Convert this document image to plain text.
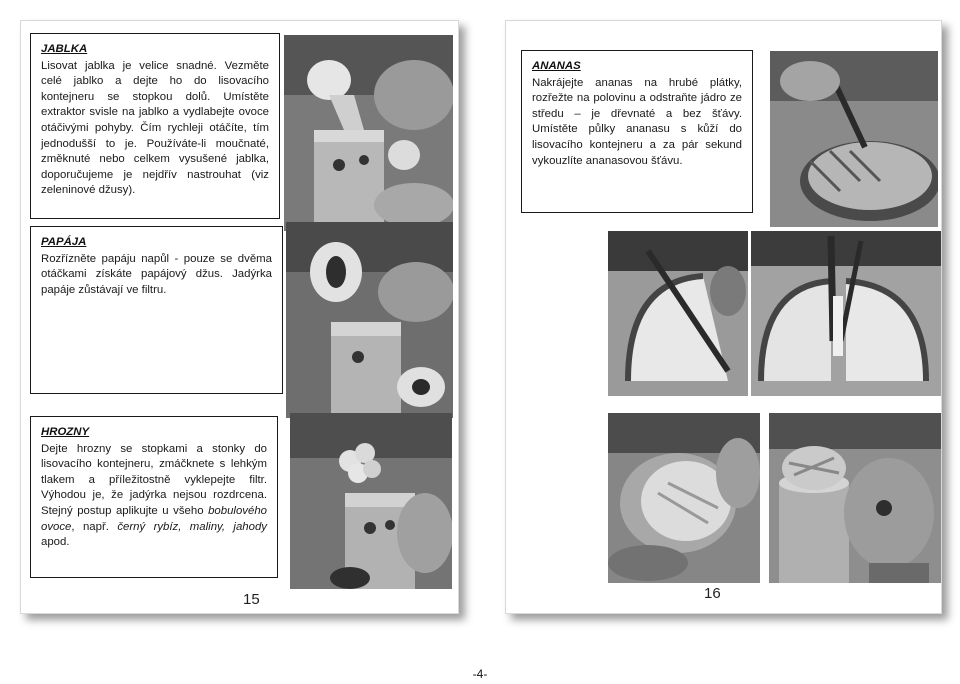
JABLKA

Lisovat jablka je velice snadné. Vezměte celé jablko a dejte ho do lisovacího kontejneru se stopkou dolů. Umístěte extraktor svisle na jablko a vydlabejte ovoce otáčivými pohyby. Čím rychleji otáčíte, tím jednodušší to je. Používáte-li moučnaté, změknuté nebo celkem vysušené jablka, doporučujeme je nejdřív nastrouhat (viz zeleninové džusy).

PAPÁJA

Rozřízněte papáju napůl - pouze se dvěma otáčkami získáte papájový džus. Jadýrka papáje zůstávají ve filtru.

HROZNY

Dejte hrozny se stopkami a stonky do lisovacího kontejneru, zmáčknete s lehkým tlakem a příležitostně vyklepejte filtr. Výhodou je, že jadýrka nejsou rozdrcena. Stejný postup aplikujte u všeho bobulového ovoce, např. černý rybíz, maliny, jahody apod.

15
ANANAS

Nakrájejte ananas na hrubé plátky, rozřežte na polovinu a odstraňte jádro ze středu – je dřevnaté a bez šťávy. Umístěte půlky ananasu s kůží do lisovacího kontejneru a za pár sekund vykouzlíte ananasovou šťávu.

16
-4-
